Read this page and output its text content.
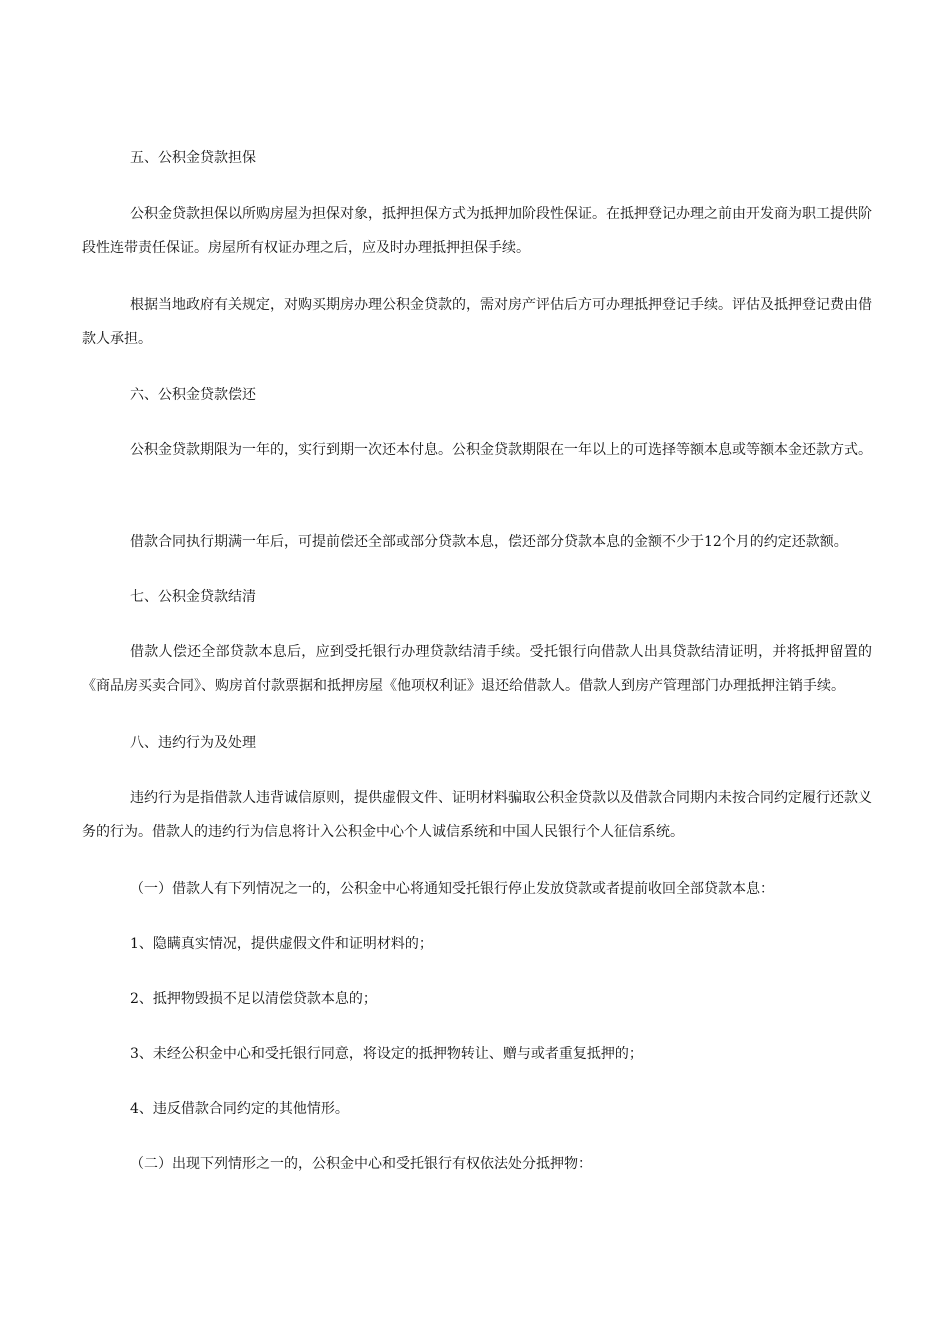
五、公积金贷款担保

公积金贷款担保以所购房屋为担保对象，抵押担保方式为抵押加阶段性保证。在抵押登记办理之前由开发商为职工提供阶段性连带责任保证。房屋所有权证办理之后，应及时办理抵押担保手续。

根据当地政府有关规定，对购买期房办理公积金贷款的，需对房产评估后方可办理抵押登记手续。评估及抵押登记费由借款人承担。

六、公积金贷款偿还

公积金贷款期限为一年的，实行到期一次还本付息。公积金贷款期限在一年以上的可选择等额本息或等额本金还款方式。

借款合同执行期满一年后，可提前偿还全部或部分贷款本息，偿还部分贷款本息的金额不少于12个月的约定还款额。

七、公积金贷款结清

借款人偿还全部贷款本息后，应到受托银行办理贷款结清手续。受托银行向借款人出具贷款结清证明，并将抵押留置的《商品房买卖合同》、购房首付款票据和抵押房屋《他项权利证》退还给借款人。借款人到房产管理部门办理抵押注销手续。

八、违约行为及处理

违约行为是指借款人违背诚信原则，提供虚假文件、证明材料骗取公积金贷款以及借款合同期内未按合同约定履行还款义务的行为。借款人的违约行为信息将计入公积金中心个人诚信系统和中国人民银行个人征信系统。

（一）借款人有下列情况之一的，公积金中心将通知受托银行停止发放贷款或者提前收回全部贷款本息：

1、隐瞒真实情况，提供虚假文件和证明材料的；

2、抵押物毁损不足以清偿贷款本息的；

3、未经公积金中心和受托银行同意，将设定的抵押物转让、赠与或者重复抵押的；

4、违反借款合同约定的其他情形。

（二）出现下列情形之一的，公积金中心和受托银行有权依法处分抵押物：
